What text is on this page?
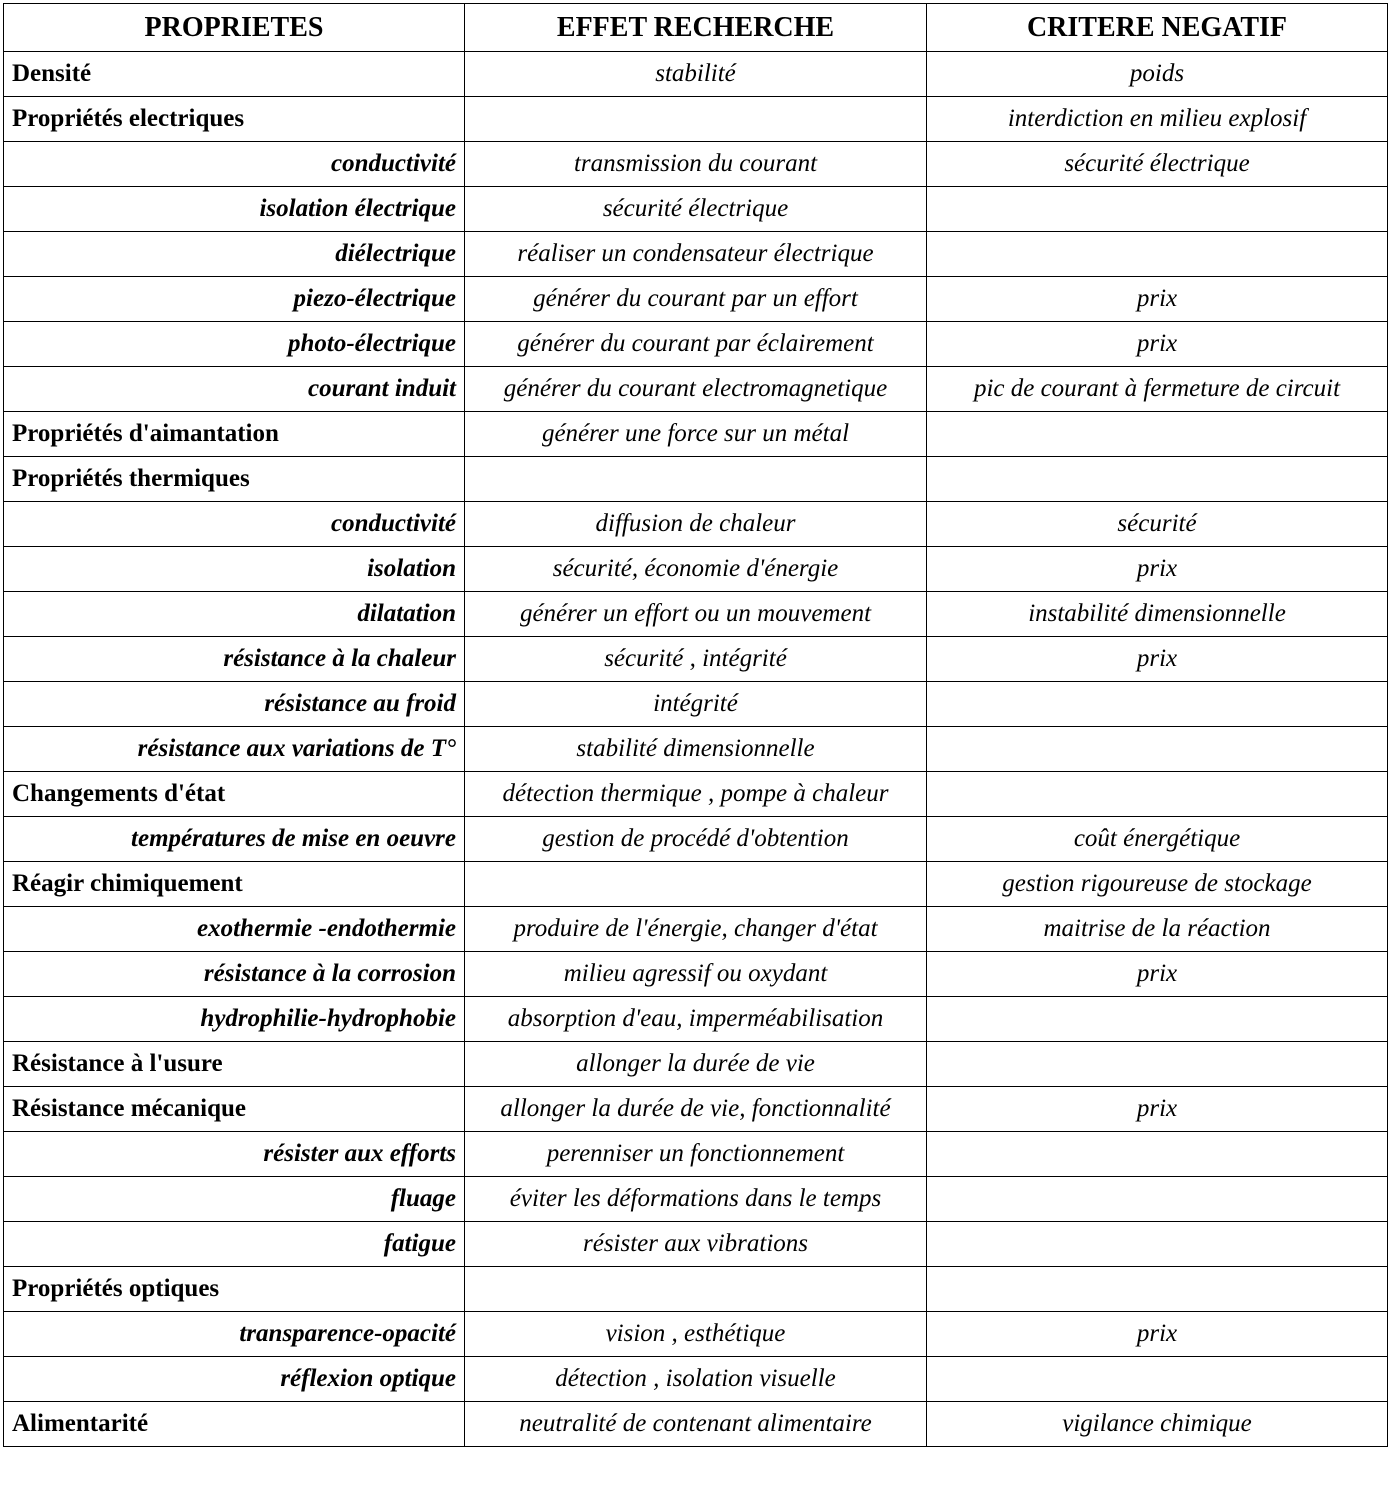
PROPRIETES	EFFET RECHERCHE	CRITERE NEGATIF
Densité	stabilité	poids
Propriétés electriques		interdiction en milieu explosif
conductivité	transmission du courant	sécurité électrique
isolation électrique	sécurité électrique	
diélectrique	réaliser un condensateur électrique	
piezo-électrique	générer du courant par un effort	prix
photo-électrique	générer du courant par éclairement	prix
courant induit	générer du courant electromagnetique	pic de courant à fermeture de circuit
Propriétés d'aimantation	générer une force sur un métal	
Propriétés thermiques		
conductivité	diffusion de chaleur	sécurité
isolation	sécurité, économie d'énergie	prix
dilatation	générer un effort ou un mouvement	instabilité dimensionnelle
résistance à la chaleur	sécurité , intégrité	prix
résistance au froid	intégrité	
résistance aux variations de T°	stabilité dimensionnelle	
Changements d'état	détection thermique , pompe à chaleur	
températures de mise en oeuvre	gestion de procédé d'obtention	coût énergétique
Réagir chimiquement		gestion rigoureuse de stockage
exothermie -endothermie	produire de l'énergie, changer d'état	maitrise de la réaction
résistance à la corrosion	milieu agressif ou oxydant	prix
hydrophilie-hydrophobie	absorption d'eau, imperméabilisation	
Résistance à l'usure	allonger la durée de vie	
Résistance mécanique	allonger la durée de vie, fonctionnalité	prix
résister aux efforts	perenniser un fonctionnement	
fluage	éviter les déformations dans le temps	
fatigue	résister aux vibrations	
Propriétés optiques		
transparence-opacité	vision , esthétique	prix
réflexion optique	détection , isolation visuelle	
Alimentarité	neutralité de contenant alimentaire	vigilance chimique
